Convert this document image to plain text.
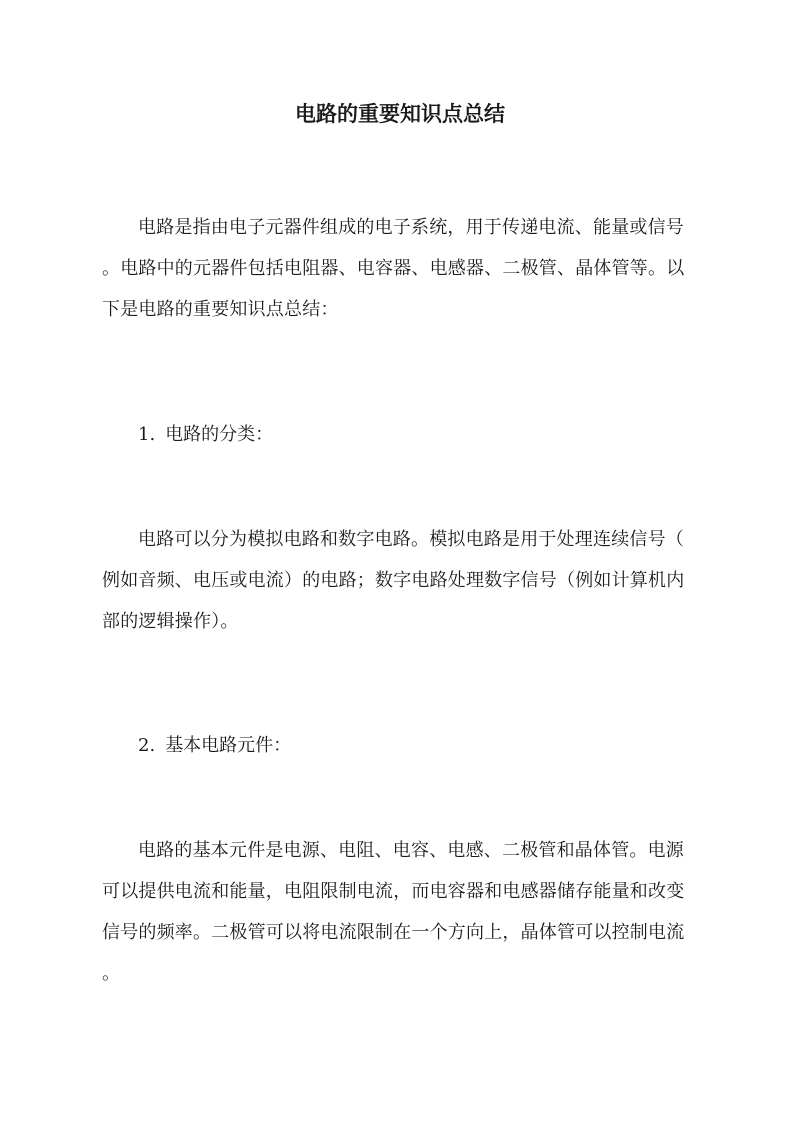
电路的重要知识点总结

电路是指由电子元器件组成的电子系统，用于传递电流、能量或信号
。电路中的元器件包括电阻器、电容器、电感器、二极管、晶体管等。以
下是电路的重要知识点总结：

1. 电路的分类：

电路可以分为模拟电路和数字电路。模拟电路是用于处理连续信号（
例如音频、电压或电流）的电路；数字电路处理数字信号（例如计算机内
部的逻辑操作）。

2. 基本电路元件：

电路的基本元件是电源、电阻、电容、电感、二极管和晶体管。电源
可以提供电流和能量，电阻限制电流，而电容器和电感器储存能量和改变
信号的频率。二极管可以将电流限制在一个方向上，晶体管可以控制电流
。
